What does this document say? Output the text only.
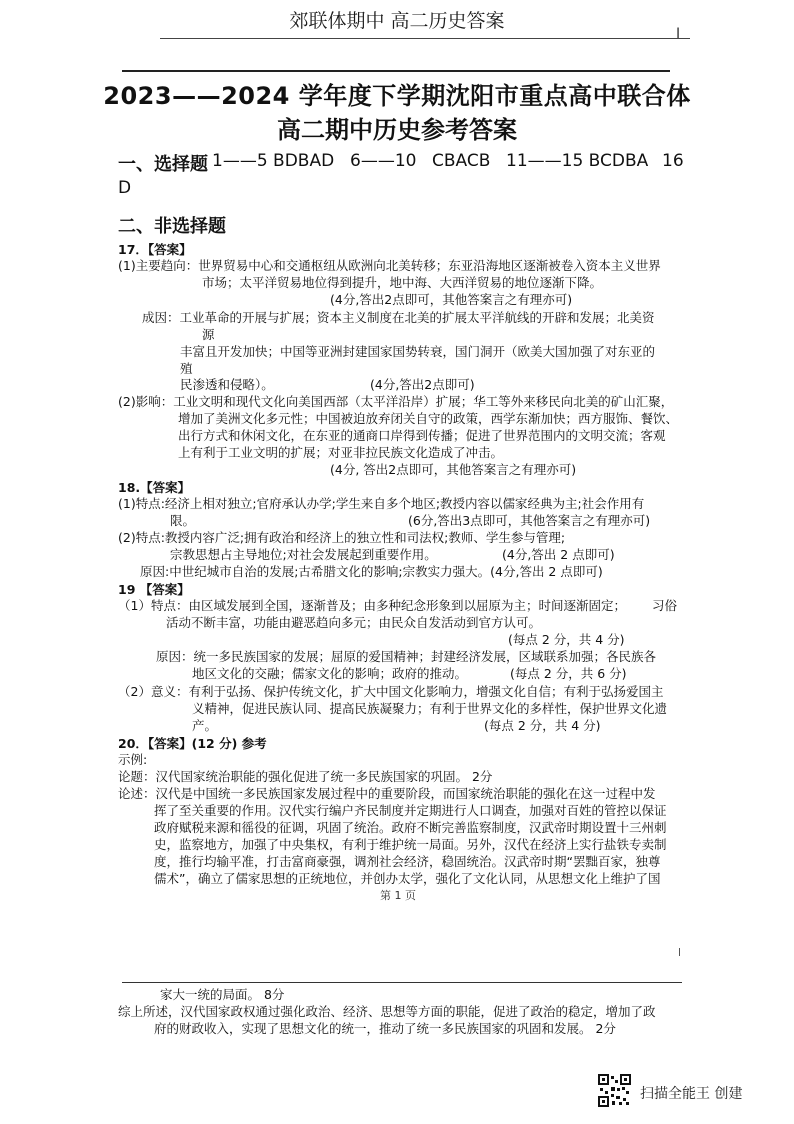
郊联体期中 高二历史答案
I
2023——2024 学年度下学期沈阳市重点高中联合体
高二期中历史参考答案
一、选择题 1——5 BDBAD 6——10 CBACB 11——15 BCDBA 16
D
二、非选择题
17．【答案】
(1)主要趋向：世界贸易中心和交通枢纽从欧洲向北美转移；东亚沿海地区逐渐被卷入资本主义世界
市场；太平洋贸易地位得到提升，地中海、大西洋贸易的地位逐渐下降。
(4分,答出2点即可，其他答案言之有理亦可)
成因：工业革命的开展与扩展；资本主义制度在北美的扩展太平洋航线的开辟和发展；北美资
源
丰富且开发加快；中国等亚洲封建国家国势转衰，国门洞开（欧美大国加强了对东亚的
殖
民渗透和侵略）。	(4分,答出2点即可)
(2)影响：工业文明和现代文化向美国西部（太平洋沿岸）扩展；华工等外来移民向北美的矿山汇聚，
增加了美洲文化多元性；中国被迫放弃闭关自守的政策，西学东渐加快；西方服饰、餐饮、
出行方式和休闲文化，在东亚的通商口岸得到传播；促进了世界范围内的文明交流；客观
上有利于工业文明的扩展；对亚非拉民族文化造成了冲击。
(4分, 答出2点即可，其他答案言之有理亦可)
18.【答案】
(1)特点:经济上相对独立;官府承认办学;学生来自多个地区;教授内容以儒家经典为主;社会作用有
限。	(6分,答出3点即可，其他答案言之有理亦可)
(2)特点:教授内容广泛;拥有政治和经济上的独立性和司法权;教师、学生参与管理;
宗教思想占主导地位;对社会发展起到重要作用。	(4分,答出 2 点即可)
原因:中世纪城市自治的发展;古希腊文化的影响;宗教实力强大。(4分,答出 2 点即可)
19 【答案】
（1）特点：由区域发展到全国，逐渐普及；由多种纪念形象到以屈原为主；时间逐渐固定； 习俗
活动不断丰富，功能由避恶趋向多元；由民众自发活动到官方认可。
(每点 2 分，共 4 分)
原因：统一多民族国家的发展；屈原的爱国精神；封建经济发展，区域联系加强；各民族各
地区文化的交融；儒家文化的影响；政府的推动。	(每点 2 分，共 6 分)
（2）意义：有利于弘扬、保护传统文化，扩大中国文化影响力，增强文化自信；有利于弘扬爱国主
义精神，促进民族认同、提高民族凝聚力；有利于世界文化的多样性，保护世界文化遗
产。	(每点 2 分，共 4 分)
20．【答案】(12 分) 参考
示例:
论题：汉代国家统治职能的强化促进了统一多民族国家的巩固。 2分
论述：汉代是中国统一多民族国家发展过程中的重要阶段，而国家统治职能的强化在这一过程中发
挥了至关重要的作用。汉代实行编户齐民制度并定期进行人口调查，加强对百姓的管控以保证
政府赋税来源和徭役的征调，巩固了统治。政府不断完善监察制度，汉武帝时期设置十三州刺
史，监察地方，加强了中央集权，有利于维护统一局面。另外，汉代在经济上实行盐铁专卖制
度，推行均输平准，打击富商豪强，调剂社会经济，稳固统治。汉武帝时期“罢黜百家，独尊
儒术”，确立了儒家思想的正统地位，并创办太学，强化了文化认同，从思想文化上维护了国
第 1 页
家大一统的局面。 8分
综上所述，汉代国家政权通过强化政治、经济、思想等方面的职能，促进了政治的稳定，增加了政
府的财政收入，实现了思想文化的统一，推动了统一多民族国家的巩固和发展。 2分
扫描全能王 创建
